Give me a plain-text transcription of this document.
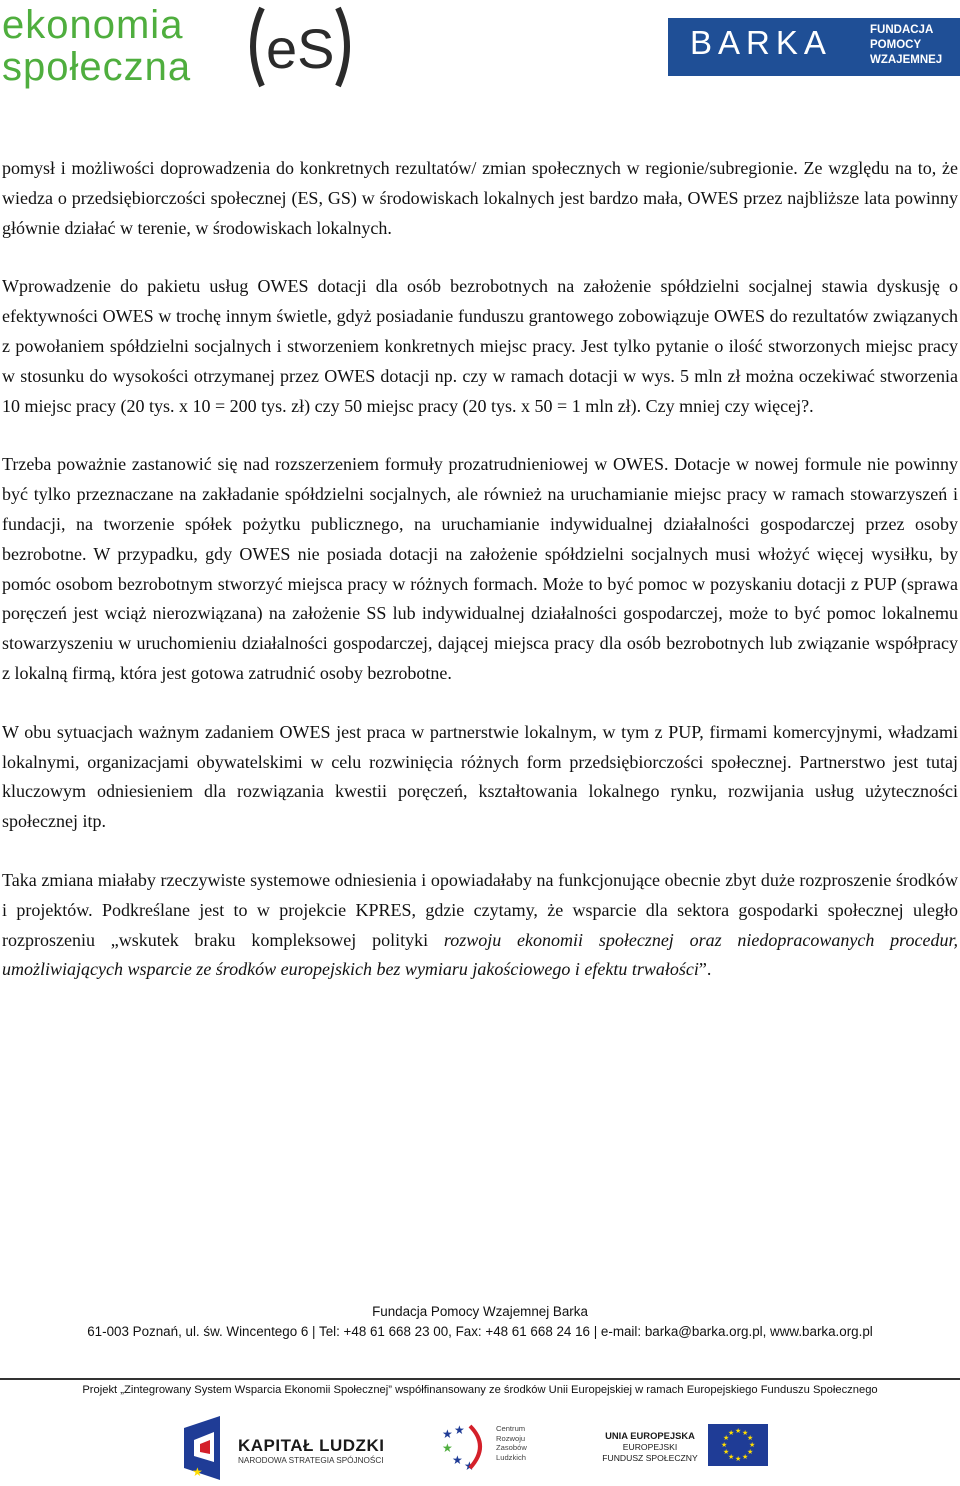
ekonomia
społeczna eS	BARKA	FUNDACJA
POMOCY
WZAJEMNEJ

pomysł i możliwości doprowadzenia do konkretnych rezultatów/ zmian społecznych w regionie/subregionie. Ze względu na to, że wiedza o przedsiębiorczości społecznej (ES, GS) w środowiskach lokalnych jest bardzo mała, OWES przez najbliższe lata powinny głównie działać w terenie, w środowiskach lokalnych.

Wprowadzenie do pakietu usług OWES dotacji dla osób bezrobotnych na założenie spółdzielni socjalnej stawia dyskusję o efektywności OWES w trochę innym świetle, gdyż posiadanie funduszu grantowego zobowiązuje OWES do rezultatów związanych z powołaniem spółdzielni socjalnych i stworzeniem konkretnych miejsc pracy. Jest tylko pytanie o ilość stworzonych miejsc pracy w stosunku do wysokości otrzymanej przez OWES dotacji np. czy w ramach dotacji w wys. 5 mln zł można oczekiwać stworzenia 10 miejsc pracy (20 tys. x 10 = 200 tys. zł) czy 50 miejsc pracy (20 tys. x 50 = 1 mln zł). Czy mniej czy więcej?.

Trzeba poważnie zastanowić się nad rozszerzeniem formuły prozatrudnieniowej w OWES. Dotacje w nowej formule nie powinny być tylko przeznaczane na zakładanie spółdzielni socjalnych, ale również na uruchamianie miejsc pracy w ramach stowarzyszeń i fundacji, na tworzenie spółek pożytku publicznego, na uruchamianie indywidualnej działalności gospodarczej przez osoby bezrobotne. W przypadku, gdy OWES nie posiada dotacji na założenie spółdzielni socjalnych musi włożyć więcej wysiłku, by pomóc osobom bezrobotnym stworzyć miejsca pracy w różnych formach. Może to być pomoc w pozyskaniu dotacji z PUP (sprawa poręczeń jest wciąż nierozwiązana) na założenie SS lub indywidualnej działalności gospodarczej, może to być pomoc lokalnemu stowarzyszeniu w uruchomieniu działalności gospodarczej, dającej miejsca pracy dla osób bezrobotnych lub związanie współpracy z lokalną firmą, która jest gotowa zatrudnić osoby bezrobotne.

W obu sytuacjach ważnym zadaniem OWES jest praca w partnerstwie lokalnym, w tym z PUP, firmami komercyjnymi, władzami lokalnymi, organizacjami obywatelskimi w celu rozwinięcia różnych form przedsiębiorczości społecznej. Partnerstwo jest tutaj kluczowym odniesieniem dla rozwiązania kwestii poręczeń, kształtowania lokalnego rynku, rozwijania usług użyteczności społecznej itp.

Taka zmiana miałaby rzeczywiste systemowe odniesienia i opowiadałaby na funkcjonujące obecnie zbyt duże rozproszenie środków i projektów. Podkreślane jest to w projekcie KPRES, gdzie czytamy, że wsparcie dla sektora gospodarki społecznej uległo rozproszeniu „wskutek braku kompleksowej polityki rozwoju ekonomii społecznej oraz niedopracowanych procedur, umożliwiających wsparcie ze środków europejskich bez wymiaru jakościowego i efektu trwałości”.

Fundacja Pomocy Wzajemnej Barka
61-003 Poznań, ul. św. Wincentego 6 | Tel: +48 61 668 23 00, Fax: +48 61 668 24 16 | e-mail: barka@barka.org.pl, www.barka.org.pl
Projekt „Zintegrowany System Wsparcia Ekonomii Społecznej” współfinansowany ze środków Unii Europejskiej w ramach Europejskiego Funduszu Społecznego
★
KAPITAŁ LUDZKI
NARODOWA STRATEGIA SPÓJNOŚCI
★ ★
★
★ ★
Centrum
Rozwoju
Zasobów
Ludzkich
UNIA EUROPEJSKA
EUROPEJSKI
FUNDUSZ SPOŁECZNY
★ ★
★
★
★
★
★
★
★
★
★
★
